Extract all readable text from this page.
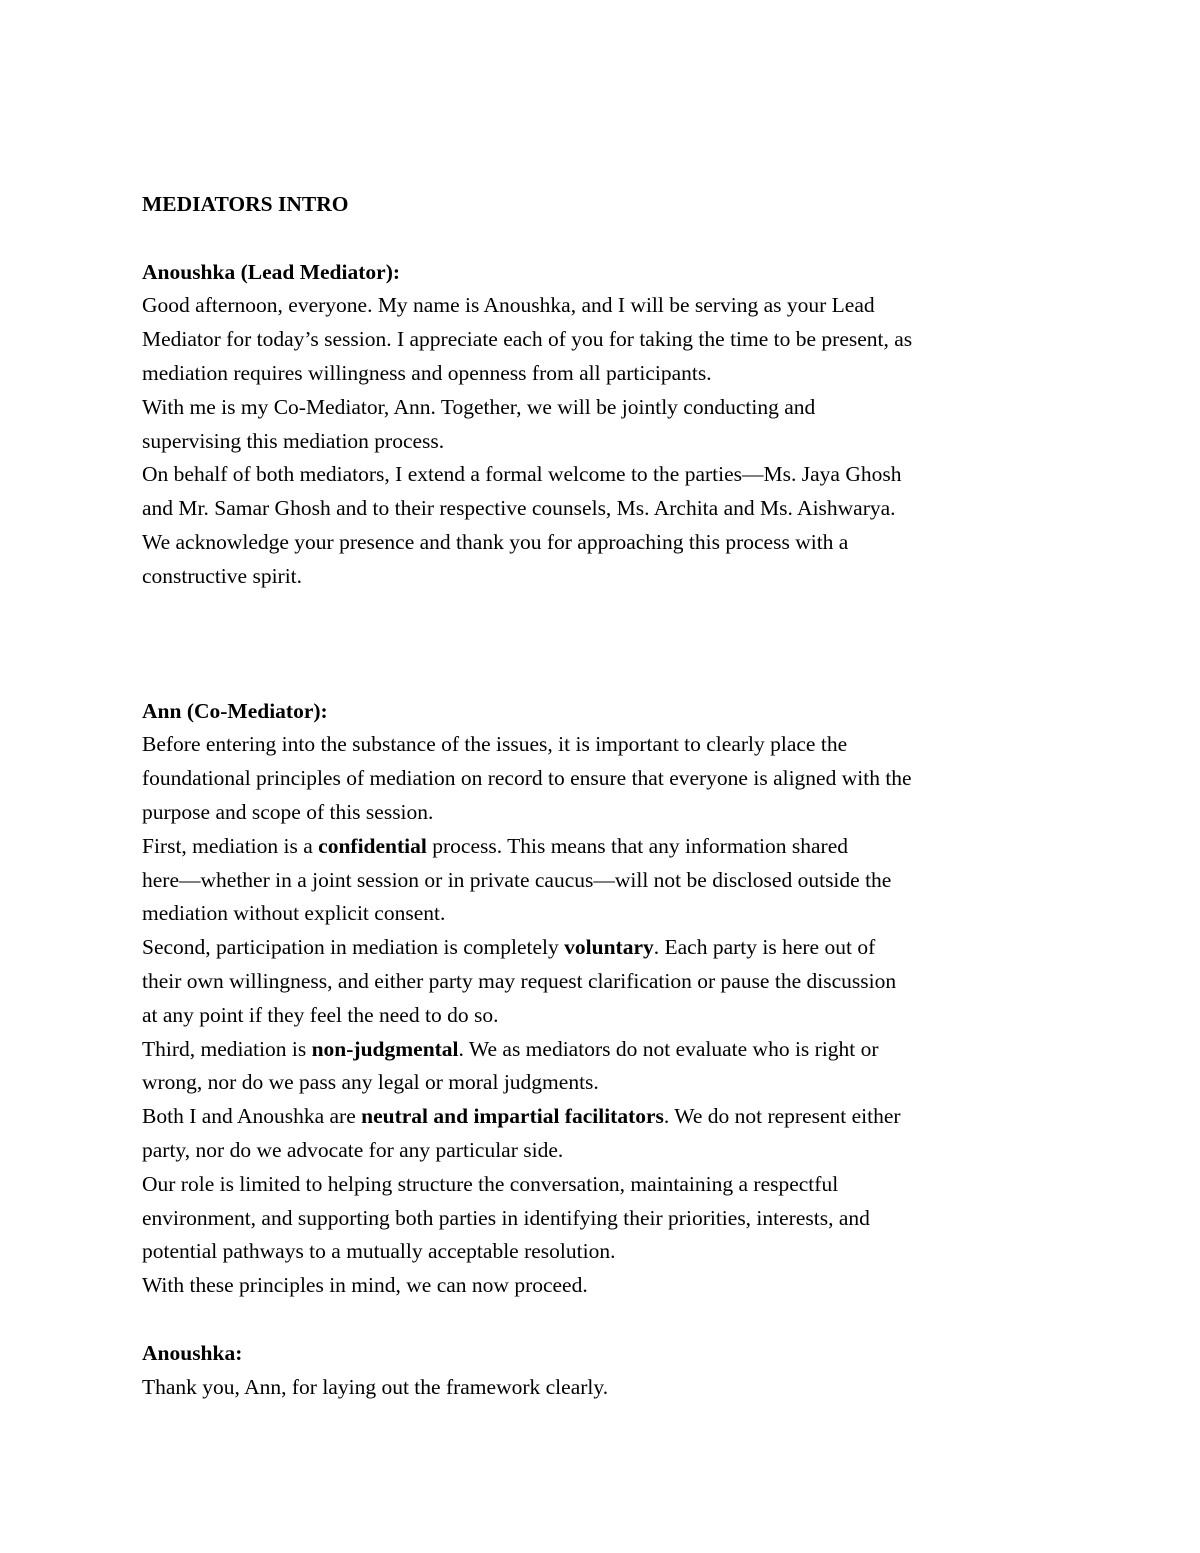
MEDIATORS INTRO
Anoushka (Lead Mediator):
Good afternoon, everyone. My name is Anoushka, and I will be serving as your Lead
Mediator for today’s session. I appreciate each of you for taking the time to be present, as
mediation requires willingness and openness from all participants.
With me is my Co-Mediator, Ann. Together, we will be jointly conducting and
supervising this mediation process.
On behalf of both mediators, I extend a formal welcome to the parties—Ms. Jaya Ghosh
and Mr. Samar Ghosh and to their respective counsels, Ms. Archita and Ms. Aishwarya.
We acknowledge your presence and thank you for approaching this process with a
constructive spirit.
Ann (Co-Mediator):
Before entering into the substance of the issues, it is important to clearly place the
foundational principles of mediation on record to ensure that everyone is aligned with the
purpose and scope of this session.
First, mediation is a confidential process. This means that any information shared
here—whether in a joint session or in private caucus—will not be disclosed outside the
mediation without explicit consent.
Second, participation in mediation is completely voluntary. Each party is here out of
their own willingness, and either party may request clarification or pause the discussion
at any point if they feel the need to do so.
Third, mediation is non-judgmental. We as mediators do not evaluate who is right or
wrong, nor do we pass any legal or moral judgments.
Both I and Anoushka are neutral and impartial facilitators. We do not represent either
party, nor do we advocate for any particular side.
Our role is limited to helping structure the conversation, maintaining a respectful
environment, and supporting both parties in identifying their priorities, interests, and
potential pathways to a mutually acceptable resolution.
With these principles in mind, we can now proceed.
Anoushka:
Thank you, Ann, for laying out the framework clearly.
